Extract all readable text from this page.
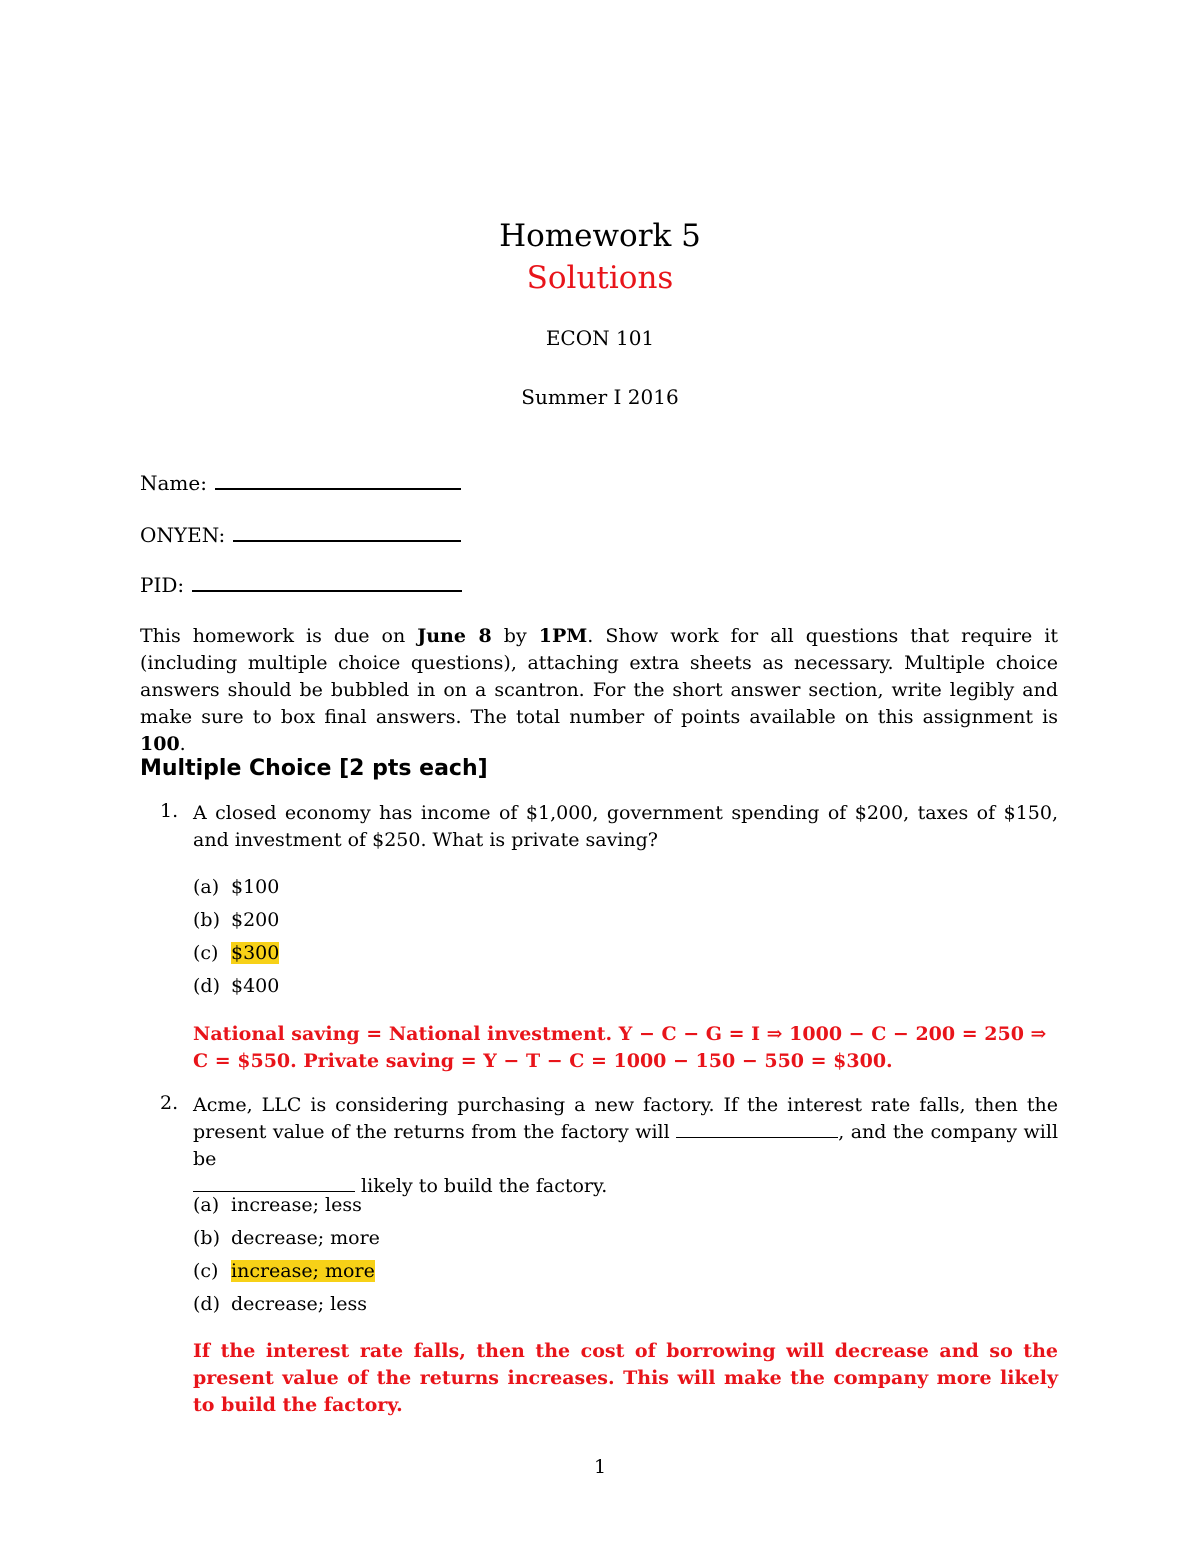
Homework 5
Solutions
ECON 101
Summer I 2016
Name:
ONYEN:
PID:
This homework is due on June 8 by 1PM. Show work for all questions that require it (including multiple choice questions), attaching extra sheets as necessary. Multiple choice answers should be bubbled in on a scantron. For the short answer section, write legibly and make sure to box final answers. The total number of points available on this assignment is 100.
Multiple Choice [2 pts each]
1. A closed economy has income of $1,000, government spending of $200, taxes of $150, and investment of $250. What is private saving?
(a) $100
(b) $200
(c) $300
(d) $400
National saving = National investment. Y − C − G = I ⇒ 1000 − C − 200 = 250 ⇒
C = $550. Private saving = Y − T − C = 1000 − 150 − 550 = $300.
2. Acme, LLC is considering purchasing a new factory. If the interest rate falls, then the present value of the returns from the factory will	, and the company will be
likely to build the factory.
(a) increase; less
(b) decrease; more
(c) increase; more
(d) decrease; less
If the interest rate falls, then the cost of borrowing will decrease and so the present value of the returns increases. This will make the company more likely to build the factory.
1
